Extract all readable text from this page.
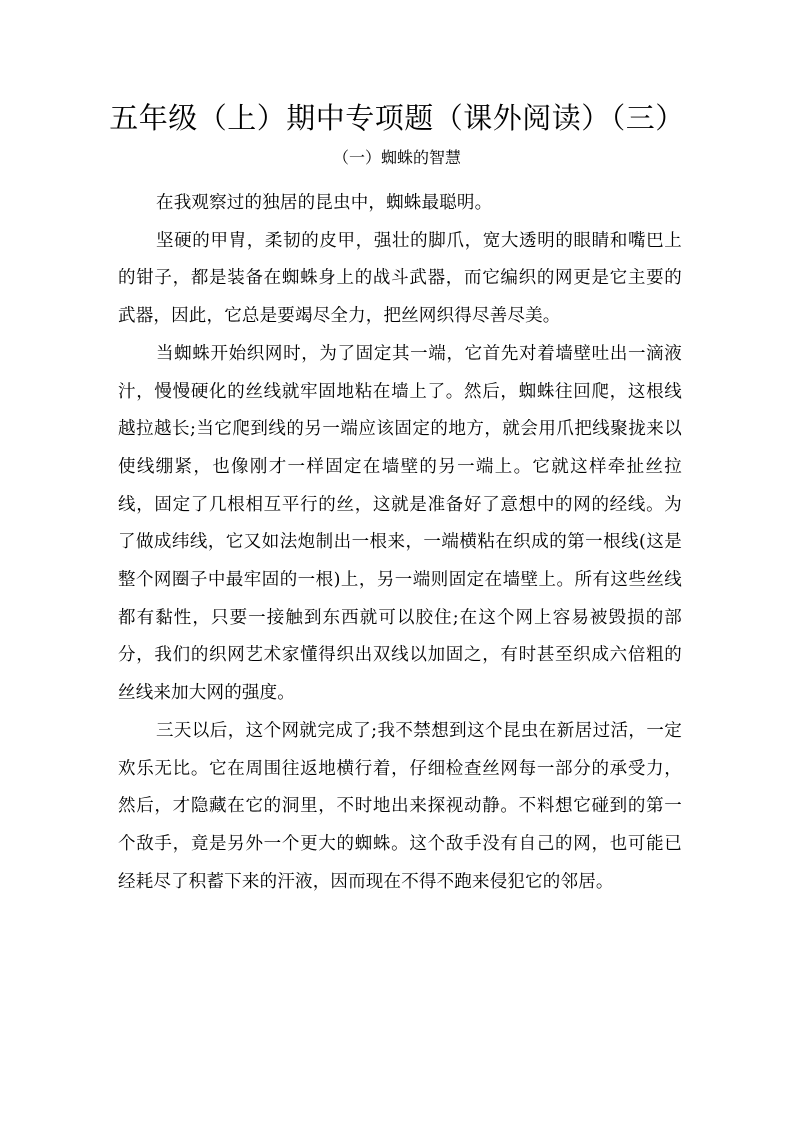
五年级（上）期中专项题（课外阅读）（三）
（一）蜘蛛的智慧

在我观察过的独居的昆虫中，蜘蛛最聪明。

坚硬的甲胄，柔韧的皮甲，强壮的脚爪，宽大透明的眼睛和嘴巴上的钳子，都是装备在蜘蛛身上的战斗武器，而它编织的网更是它主要的武器，因此，它总是要竭尽全力，把丝网织得尽善尽美。

当蜘蛛开始织网时，为了固定其一端，它首先对着墙壁吐出一滴液汁，慢慢硬化的丝线就牢固地粘在墙上了。然后，蜘蛛往回爬，这根线越拉越长;当它爬到线的另一端应该固定的地方，就会用爪把线聚拢来以使线绷紧，也像刚才一样固定在墙壁的另一端上。它就这样牵扯丝拉线，固定了几根相互平行的丝，这就是准备好了意想中的网的经线。为了做成纬线，它又如法炮制出一根来，一端横粘在织成的第一根线(这是整个网圈子中最牢固的一根)上，另一端则固定在墙壁上。所有这些丝线都有黏性，只要一接触到东西就可以胶住;在这个网上容易被毁损的部分，我们的织网艺术家懂得织出双线以加固之，有时甚至织成六倍粗的丝线来加大网的强度。

三天以后，这个网就完成了;我不禁想到这个昆虫在新居过活，一定欢乐无比。它在周围往返地横行着，仔细检查丝网每一部分的承受力，然后，才隐藏在它的洞里，不时地出来探视动静。不料想它碰到的第一个敌手，竟是另外一个更大的蜘蛛。这个敌手没有自己的网，也可能已经耗尽了积蓄下来的汗液，因而现在不得不跑来侵犯它的邻居。
